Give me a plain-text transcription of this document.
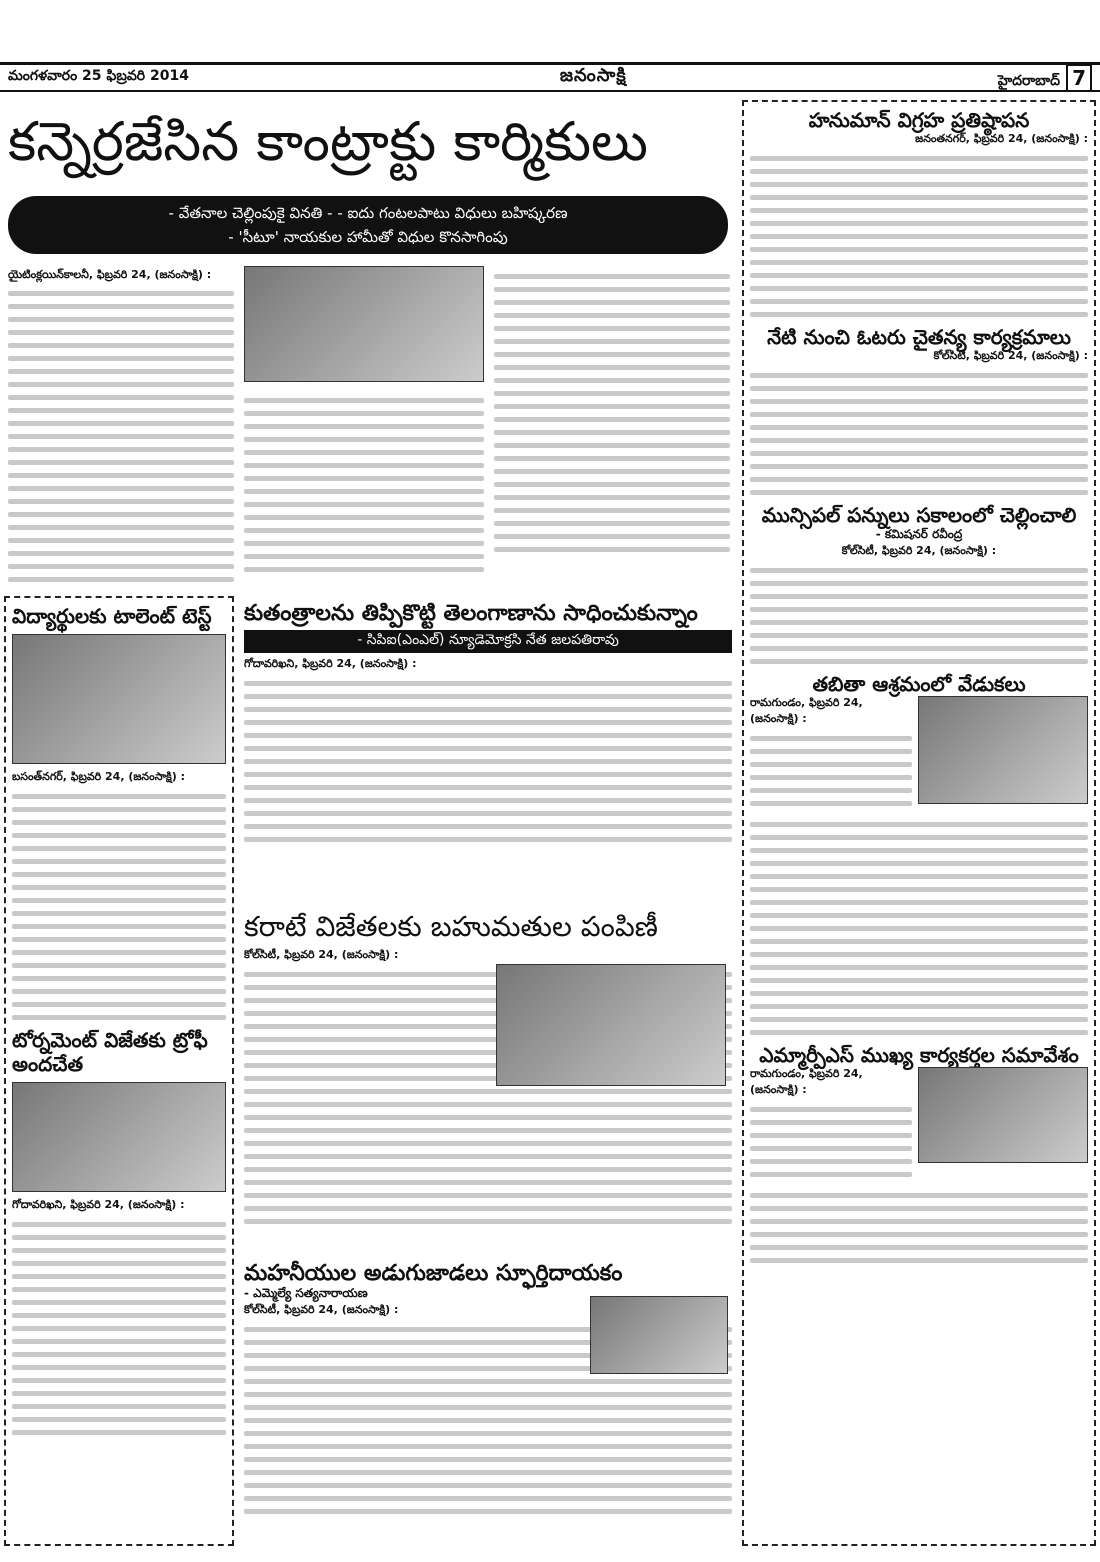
మంగళవారం 25 ఫిబ్రవరి 2014	జనంసాక్షి	హైదరాబాద్ 7
కన్నెర్రజేసిన కాంట్రాక్టు కార్మికులు
- వేతనాల చెల్లింపుకై వినతి - - ఐదు గంటలపాటు విధులు బహిష్కరణ
- 'సీటూ' నాయకుల హామీతో విధుల కొనసాగింపు

యైటింక్లయిన్‌కాలనీ, ఫిబ్రవరి 24, (జనంసాక్షి) :

విద్యార్థులకు టాలెంట్ టెస్ట్

బసంత్‌నగర్, ఫిబ్రవరి 24, (జనంసాక్షి) :

టోర్నమెంట్ విజేతకు ట్రోఫీ అందచేత

గోదావరిఖని, ఫిబ్రవరి 24, (జనంసాక్షి) :

కుతంత్రాలను తిప్పికొట్టి తెలంగాణాను సాధించుకున్నాం
- సిపిఐ(ఎంఎల్) న్యూడెమోక్రసి నేత జలపతిరావు

గోదావరిఖని, ఫిబ్రవరి 24, (జనంసాక్షి) :

కరాటే విజేతలకు బహుమతుల పంపిణీ

కోల్‌సిటీ, ఫిబ్రవరి 24, (జనంసాక్షి) :

మహనీయుల అడుగుజాడలు స్ఫూర్తిదాయకం

- ఎమ్మెల్యే సత్యనారాయణ

కోల్‌సిటీ, ఫిబ్రవరి 24, (జనంసాక్షి) :

హనుమాన్ విగ్రహ ప్రతిష్ఠాపన

జనంతనగర్, ఫిబ్రవరి 24, (జనంసాక్షి) :

నేటి నుంచి ఓటరు చైతన్య కార్యక్రమాలు

కోల్‌సిటీ, ఫిబ్రవరి 24, (జనంసాక్షి) :

మున్సిపల్ పన్నులు సకాలంలో చెల్లించాలి

- కమిషనర్ రవీంద్ర

కోల్‌సిటీ, ఫిబ్రవరి 24, (జనంసాక్షి) :

తబితా ఆశ్రమంలో వేడుకలు

రామగుండం, ఫిబ్రవరి 24, (జనంసాక్షి) :

ఎమ్మార్పీఎస్ ముఖ్య కార్యకర్తల సమావేశం

రామగుండం, ఫిబ్రవరి 24, (జనంసాక్షి) :
